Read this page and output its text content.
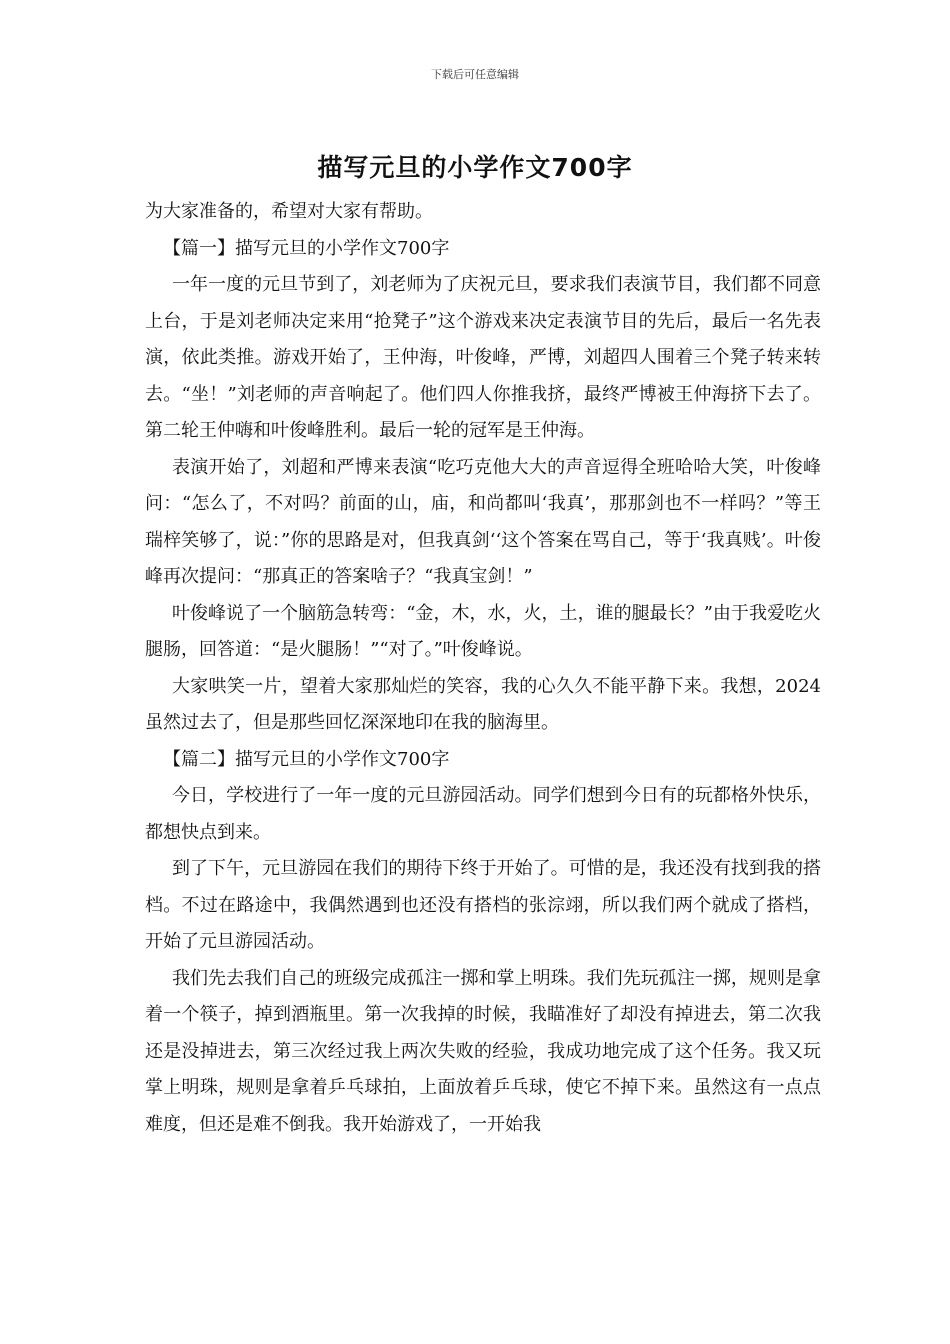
下载后可任意编辑
描写元旦的小学作文700字

为大家准备的，希望对大家有帮助。

【篇一】描写元旦的小学作文700字

一年一度的元旦节到了，刘老师为了庆祝元旦，要求我们表演节目，我们都不同意上台，于是刘老师决定来用“抢凳子”这个游戏来决定表演节目的先后，最后一名先表演，依此类推。游戏开始了，王仲海，叶俊峰，严博，刘超四人围着三个凳子转来转去。“坐！”刘老师的声音响起了。他们四人你推我挤，最终严博被王仲海挤下去了。第二轮王仲嗨和叶俊峰胜利。最后一轮的冠军是王仲海。

表演开始了，刘超和严博来表演“吃巧克他大大的声音逗得全班哈哈大笑，叶俊峰问：“怎么了，不对吗？前面的山，庙，和尚都叫‘我真’，那那剑也不一样吗？”等王瑞梓笑够了，说：”你的思路是对，但我真剑‘‘这个答案在骂自己，等于‘我真贱’。叶俊峰再次提问：“那真正的答案啥子？“我真宝剑！”

叶俊峰说了一个脑筋急转弯：“金，木，水，火，土，谁的腿最长？”由于我爱吃火腿肠，回答道：“是火腿肠！”“对了。”叶俊峰说。

大家哄笑一片，望着大家那灿烂的笑容，我的心久久不能平静下来。我想，2024虽然过去了，但是那些回忆深深地印在我的脑海里。

【篇二】描写元旦的小学作文700字

今日，学校进行了一年一度的元旦游园活动。同学们想到今日有的玩都格外快乐，都想快点到来。

到了下午，元旦游园在我们的期待下终于开始了。可惜的是，我还没有找到我的搭档。不过在路途中，我偶然遇到也还没有搭档的张淙翊，所以我们两个就成了搭档，开始了元旦游园活动。

我们先去我们自己的班级完成孤注一掷和掌上明珠。我们先玩孤注一掷，规则是拿着一个筷子，掉到酒瓶里。第一次我掉的时候，我瞄准好了却没有掉进去，第二次我还是没掉进去，第三次经过我上两次失败的经验，我成功地完成了这个任务。我又玩掌上明珠，规则是拿着乒乓球拍，上面放着乒乓球，使它不掉下来。虽然这有一点点难度，但还是难不倒我。我开始游戏了，一开始我
